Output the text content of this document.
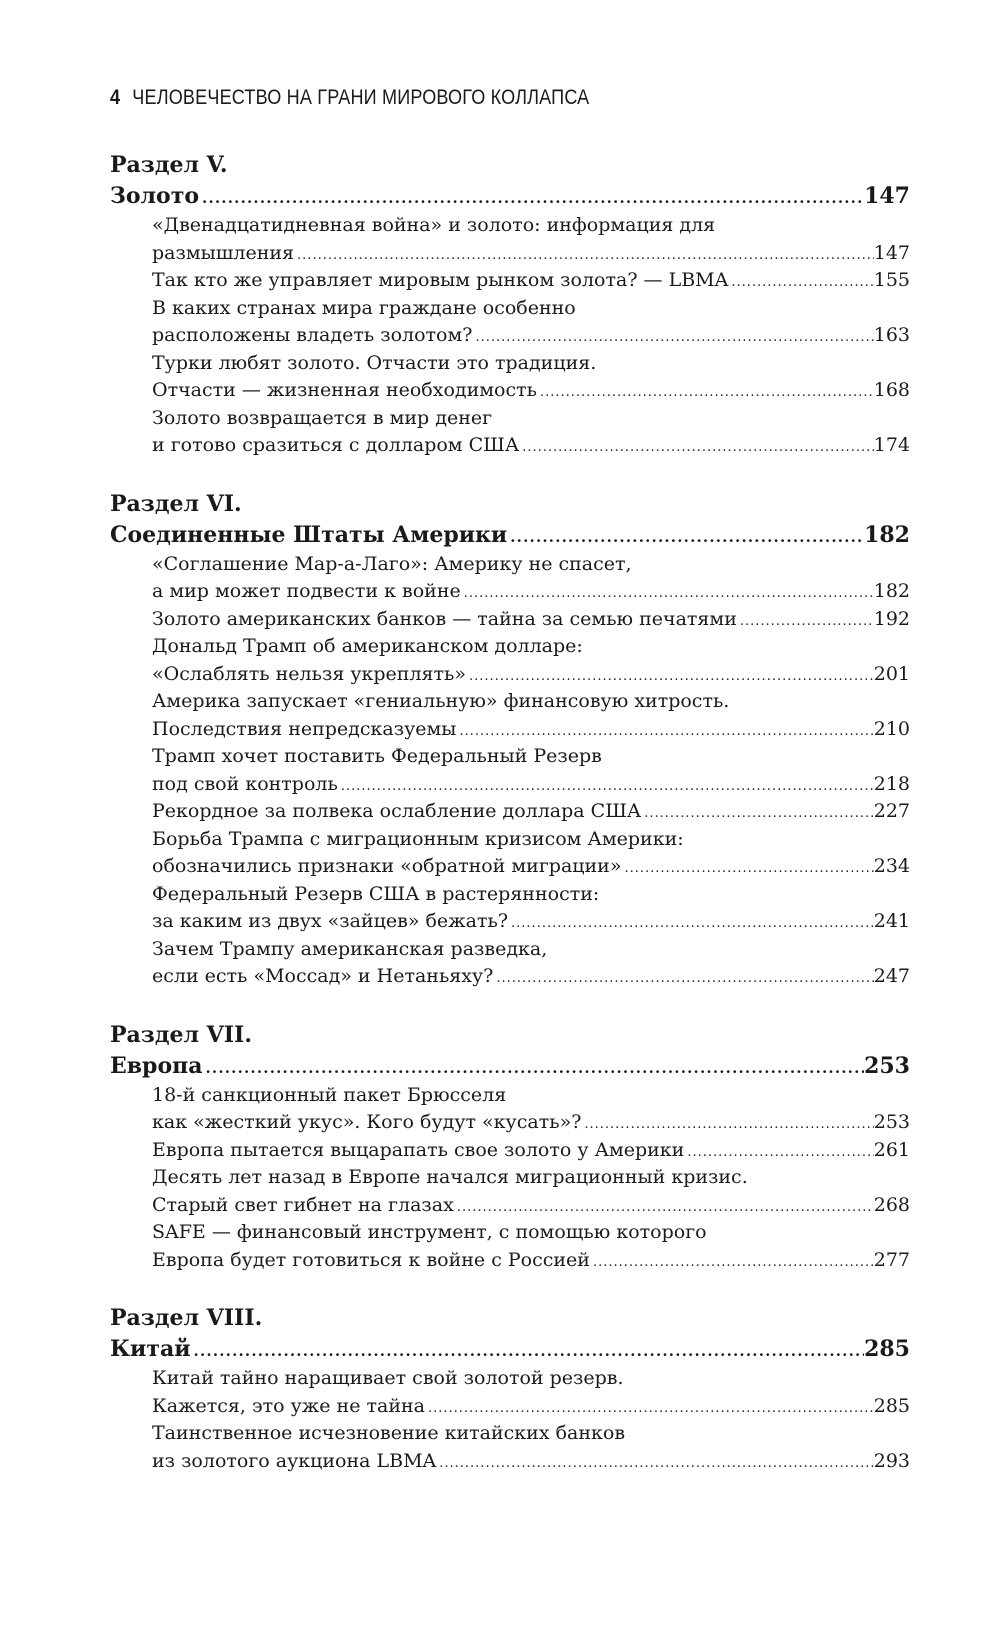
4 ЧЕЛОВЕЧЕСТВО НА ГРАНИ МИРОВОГО КОЛЛАПСА
Раздел V.
Золото .....	147
«Двенадцатидневная война» и золото: информация для
размышления .....	147
Так кто же управляет мировым рынком золота? — LBMA .....	155
В каких странах мира граждане особенно
расположены владеть золотом? .....	163
Турки любят золото. Отчасти это традиция.
Отчасти — жизненная необходимость .....	168
Золото возвращается в мир денег
и готово сразиться с долларом США .....	174
Раздел VI.
Соединенные Штаты Америки .....	182
«Соглашение Мар-а-Лаго»: Америку не спасет,
а мир может подвести к войне .....	182
Золото американских банков — тайна за семью печатями .....	192
Дональд Трамп об американском долларе:
«Ослаблять нельзя укреплять» .....	201
Америка запускает «гениальную» финансовую хитрость.
Последствия непредсказуемы .....	210
Трамп хочет поставить Федеральный Резерв
под свой контроль .....	218
Рекордное за полвека ослабление доллара США .....	227
Борьба Трампа с миграционным кризисом Америки:
обозначились признаки «обратной миграции» .....	234
Федеральный Резерв США в растерянности:
за каким из двух «зайцев» бежать? .....	241
Зачем Трампу американская разведка,
если есть «Моссад» и Нетаньяху? .....	247
Раздел VII.
Европа .....	253
18-й санкционный пакет Брюсселя
как «жесткий укус». Кого будут «кусать»? .....	253
Европа пытается выцарапать свое золото у Америки .....	261
Десять лет назад в Европе начался миграционный кризис.
Старый свет гибнет на глазах .....	268
SAFE — финансовый инструмент, с помощью которого
Европа будет готовиться к войне с Россией .....	277
Раздел VIII.
Китай .....	285
Китай тайно наращивает свой золотой резерв.
Кажется, это уже не тайна .....	285
Таинственное исчезновение китайских банков
из золотого аукциона LBMA .....	293
